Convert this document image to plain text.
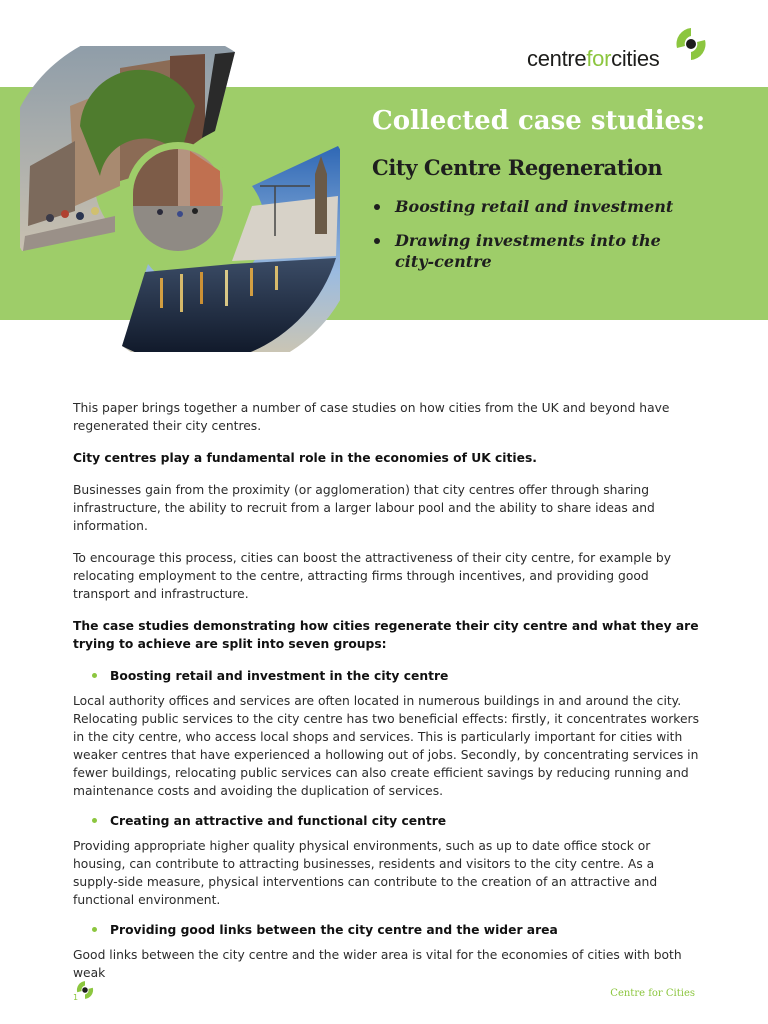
centreforcities
Collected case studies:
City Centre Regeneration
Boosting retail and investment
Drawing investments into the city-centre

This paper brings together a number of case studies on how cities from the UK and beyond have regenerated their city centres.

City centres play a fundamental role in the economies of UK cities.

Businesses gain from the proximity (or agglomeration) that city centres offer through sharing infrastructure, the ability to recruit from a larger labour pool and the ability to share ideas and information.

To encourage this process, cities can boost the attractiveness of their city centre, for example by relocating employment to the centre, attracting firms through incentives, and providing good transport and infrastructure.

The case studies demonstrating how cities regenerate their city centre and what they are trying to achieve are split into seven groups:

Boosting retail and investment in the city centre

Local authority offices and services are often located in numerous buildings in and around the city. Relocating public services to the city centre has two beneficial effects: firstly, it concentrates workers in the city centre, who access local shops and services. This is particularly important for cities with weaker centres that have experienced a hollowing out of jobs. Secondly, by concentrating services in fewer buildings, relocating public services can also create efficient savings by reducing running and maintenance costs and avoiding the duplication of services.

Creating an attractive and functional city centre

Providing appropriate higher quality physical environments, such as up to date office stock or housing, can contribute to attracting businesses, residents and visitors to the city centre. As a supply-side measure, physical interventions can contribute to the creation of an attractive and functional environment.

Providing good links between the city centre and the wider area

Good links between the city centre and the wider area is vital for the economies of cities with both weak

1	Centre for Cities
